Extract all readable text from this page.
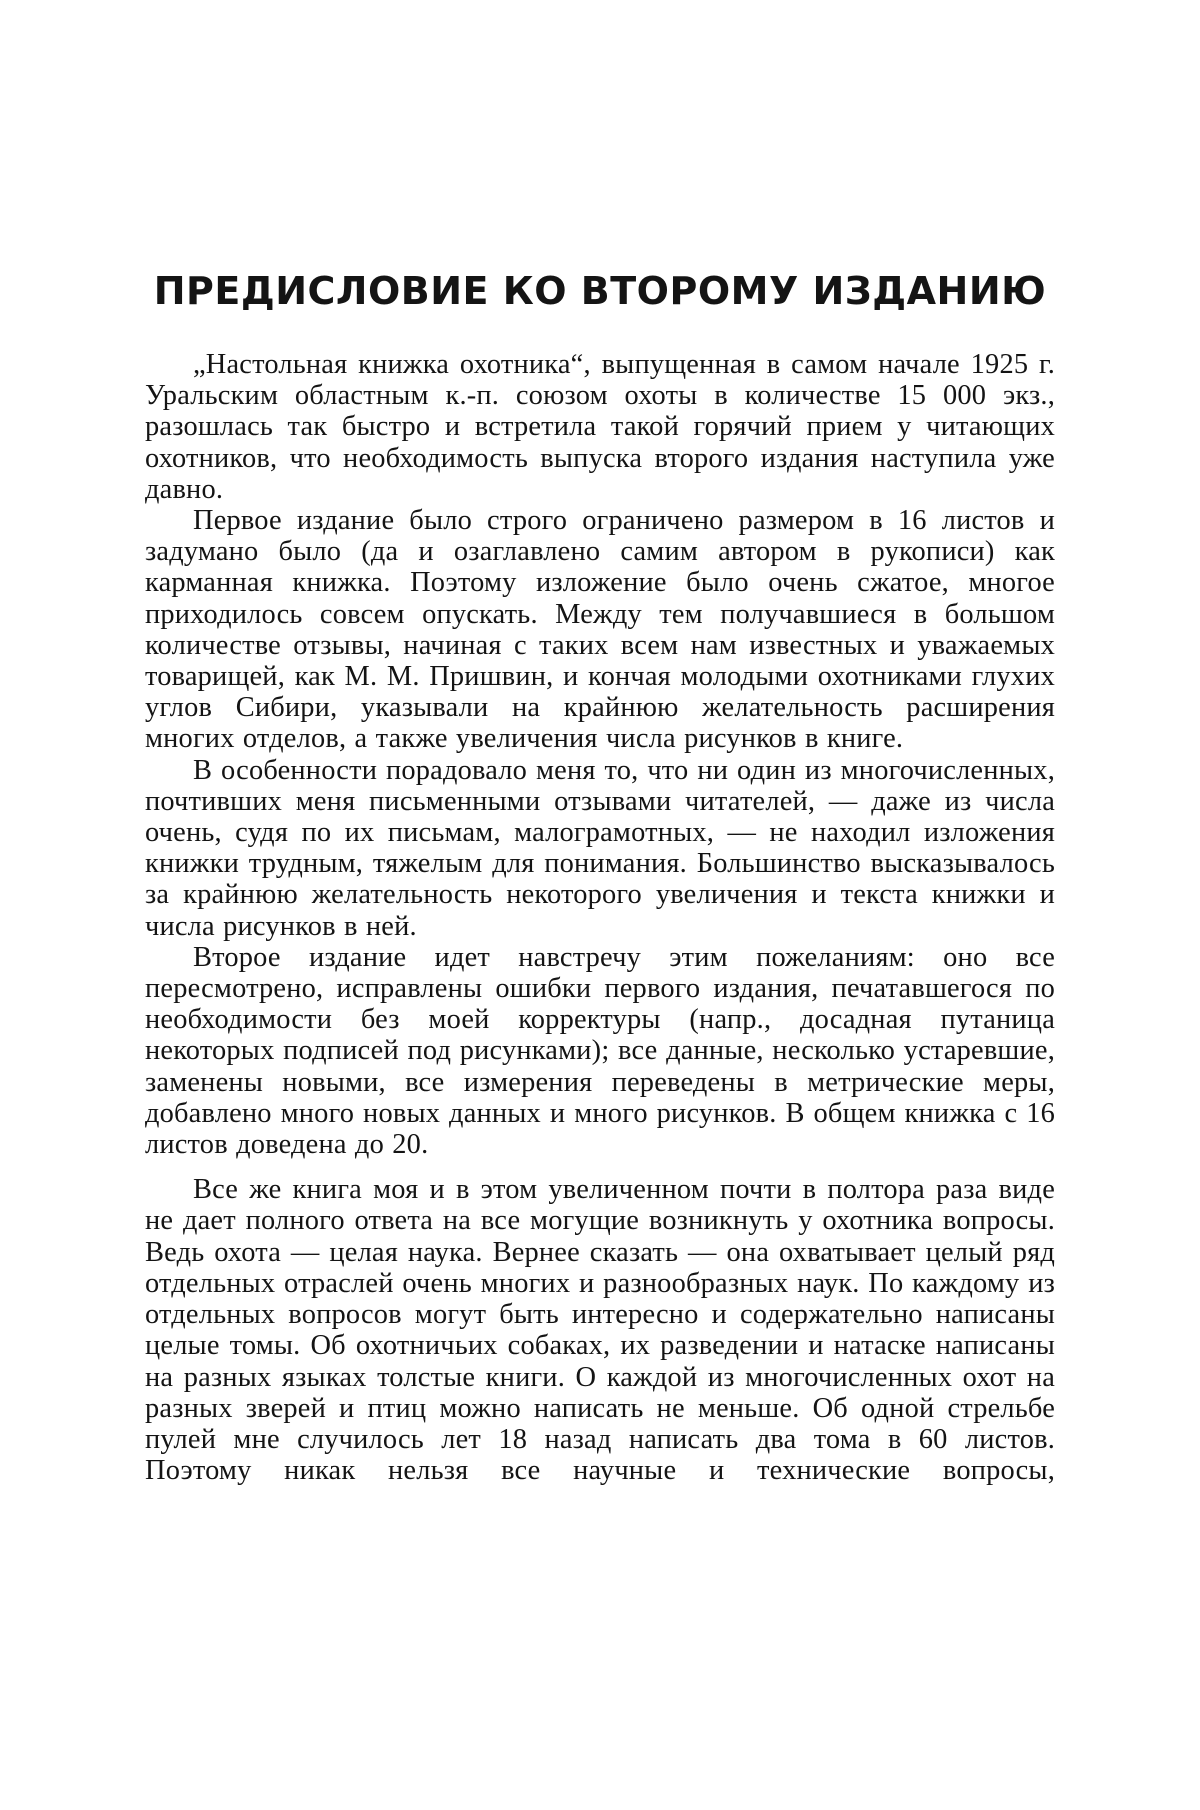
ПРЕДИСЛОВИЕ КО ВТОРОМУ ИЗДАНИЮ

„Настольная книжка охотника“, выпущенная в самом начале 1925 г. Уральским областным к.-п. союзом охоты в количестве 15 000 экз., разошлась так быстро и встретила такой горячий прием у читающих охотников, что необходимость выпуска второго издания наступила уже давно.

Первое издание было строго ограничено размером в 16 листов и задумано было (да и озаглавлено самим автором в рукописи) как карманная книжка. Поэтому изложение было очень сжатое, многое приходилось совсем опускать. Между тем получавшиеся в большом количестве отзывы, начиная с таких всем нам известных и уважаемых товарищей, как М. М. Пришвин, и кончая молодыми охотниками глухих углов Сибири, указывали на крайнюю желательность расширения многих отделов, а также увеличения числа рисунков в книге.

В особенности порадовало меня то, что ни один из многочисленных, почтивших меня письменными отзывами читателей, — даже из числа очень, судя по их письмам, малограмотных, — не находил изложения книжки трудным, тяжелым для понимания. Большинство высказывалось за крайнюю желательность некоторого увеличения и текста книжки и числа рисунков в ней.

Второе издание идет навстречу этим пожеланиям: оно все пересмотрено, исправлены ошибки первого издания, печатавшегося по необходимости без моей корректуры (напр., досадная путаница некоторых подписей под рисунками); все данные, несколько устаревшие, заменены новыми, все измерения переведены в метрические меры, добавлено много новых данных и много рисунков. В общем книжка с 16 листов доведена до 20.

Все же книга моя и в этом увеличенном почти в полтора раза виде не дает полного ответа на все могущие возникнуть у охотника вопросы. Ведь охота — целая наука. Вернее сказать — она охватывает целый ряд отдельных отраслей очень многих и разнообразных наук. По каждому из отдельных вопросов могут быть интересно и содержательно написаны целые томы. Об охотничьих собаках, их разведении и натаске написаны на разных языках толстые книги. О каждой из многочисленных охот на разных зверей и птиц можно написать не меньше. Об одной стрельбе пулей мне случилось лет 18 назад написать два тома в 60 листов. Поэтому никак нельзя все научные и технические вопросы,
